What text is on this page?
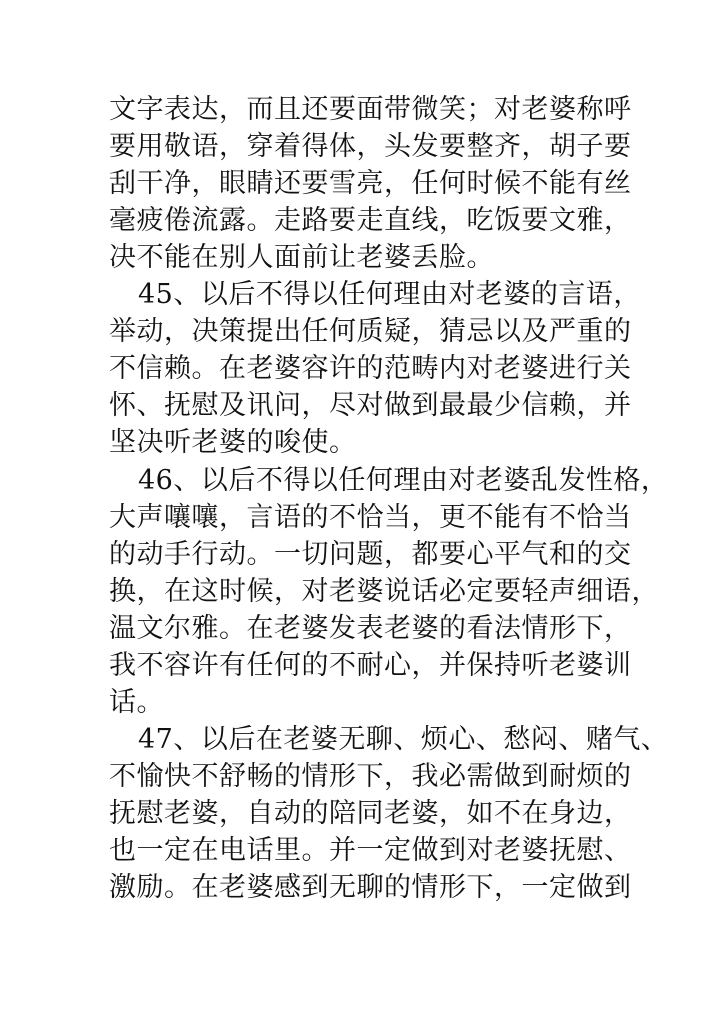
文字表达，而且还要面带微笑；对老婆称呼
要用敬语，穿着得体，头发要整齐，胡子要
刮干净，眼睛还要雪亮，任何时候不能有丝
毫疲倦流露。走路要走直线，吃饭要文雅，
决不能在别人面前让老婆丢脸。
45、以后不得以任何理由对老婆的言语，
举动，决策提出任何质疑，猜忌以及严重的
不信赖。在老婆容许的范畴内对老婆进行关
怀、抚慰及讯问，尽对做到最最少信赖，并
坚决听老婆的唆使。
46、以后不得以任何理由对老婆乱发性格，
大声嚷嚷，言语的不恰当，更不能有不恰当
的动手行动。一切问题，都要心平气和的交
换，在这时候，对老婆说话必定要轻声细语，
温文尔雅。在老婆发表老婆的看法情形下，
我不容许有任何的不耐心，并保持听老婆训
话。
47、以后在老婆无聊、烦心、愁闷、赌气、
不愉快不舒畅的情形下，我必需做到耐烦的
抚慰老婆，自动的陪同老婆，如不在身边，
也一定在电话里。并一定做到对老婆抚慰、
激励。在老婆感到无聊的情形下，一定做到
